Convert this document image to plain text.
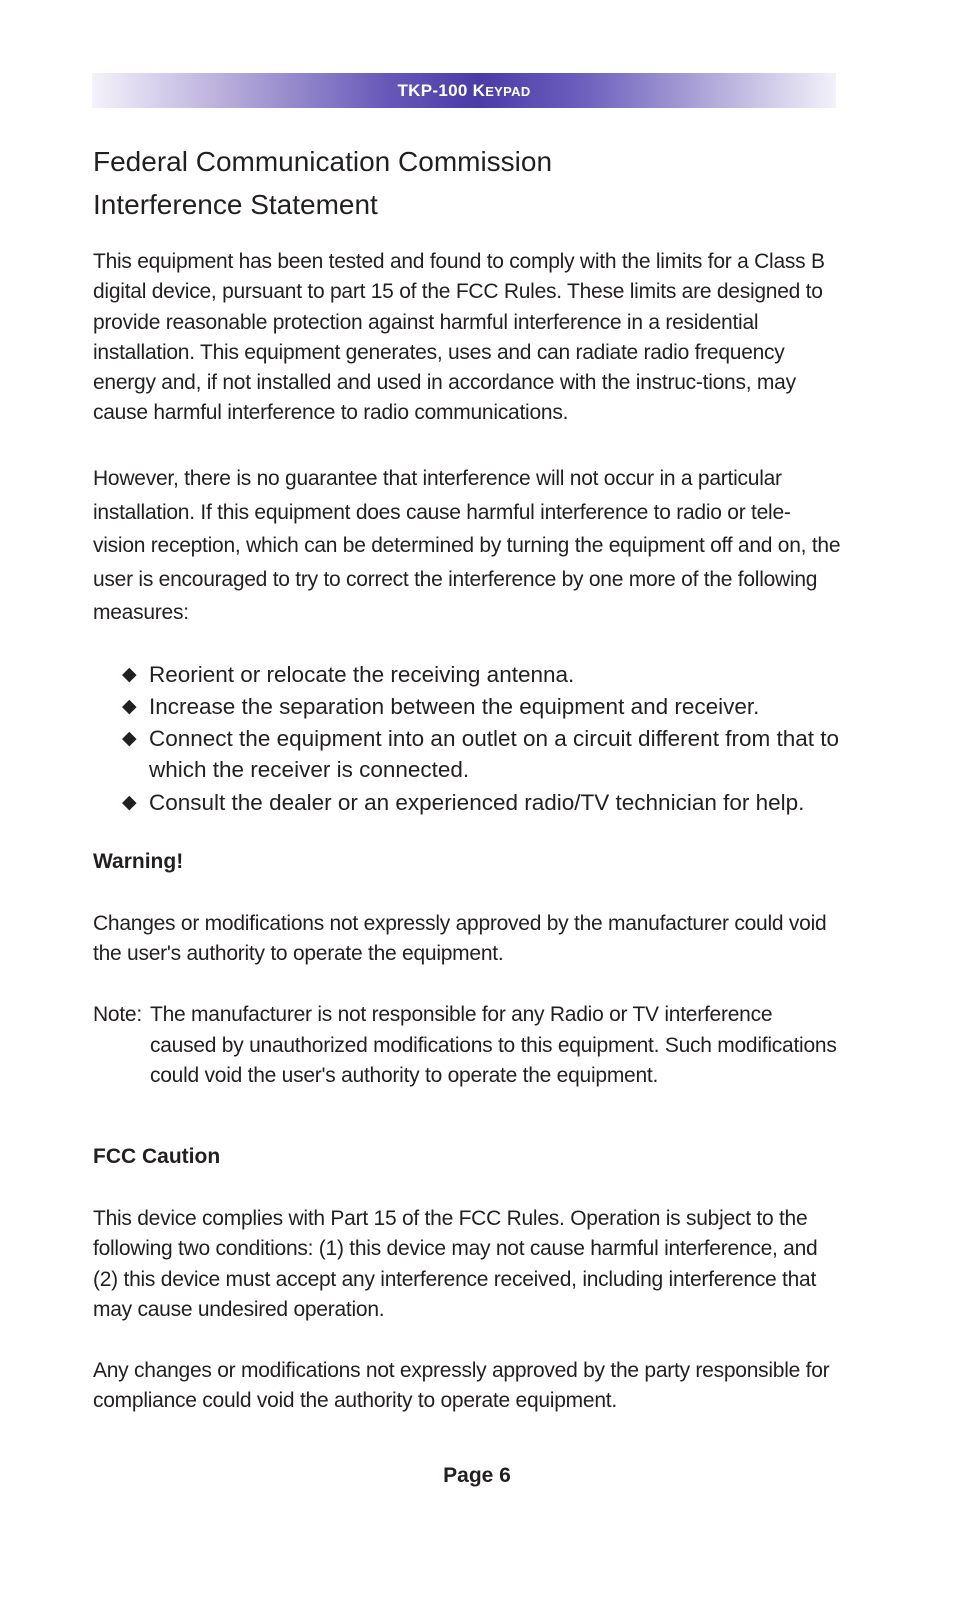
TKP-100 KEYPAD
Federal Communication Commission
Interference Statement

This equipment has been tested and found to comply with the limits for a Class B digital device, pursuant to part 15 of the FCC Rules. These limits are designed to provide reasonable protection against harmful interference in a residential installation. This equipment generates, uses and can radiate radio frequency energy and, if not installed and used in accordance with the instruc-tions, may cause harmful interference to radio communications.

However, there is no guarantee that interference will not occur in a particular installation. If this equipment does cause harmful interference to radio or tele-vision reception, which can be determined by turning the equipment off and on, the user is encouraged to try to correct the interference by one more of the following measures:

◆ Reorient or relocate the receiving antenna.
◆ Increase the separation between the equipment and receiver.
◆ Connect the equipment into an outlet on a circuit different from that to which the receiver is connected.
◆ Consult the dealer or an experienced radio/TV technician for help.
Warning!

Changes or modifications not expressly approved by the manufacturer could void the user's authority to operate the equipment.

Note: The manufacturer is not responsible for any Radio or TV interference
caused by unauthorized modifications to this equipment. Such modifications could void the user's authority to operate the equipment.
FCC Caution

This device complies with Part 15 of the FCC Rules. Operation is subject to the following two conditions: (1) this device may not cause harmful interference, and (2) this device must accept any interference received, including interference that may cause undesired operation.

Any changes or modifications not expressly approved by the party responsible for compliance could void the authority to operate equipment.

Page 6
